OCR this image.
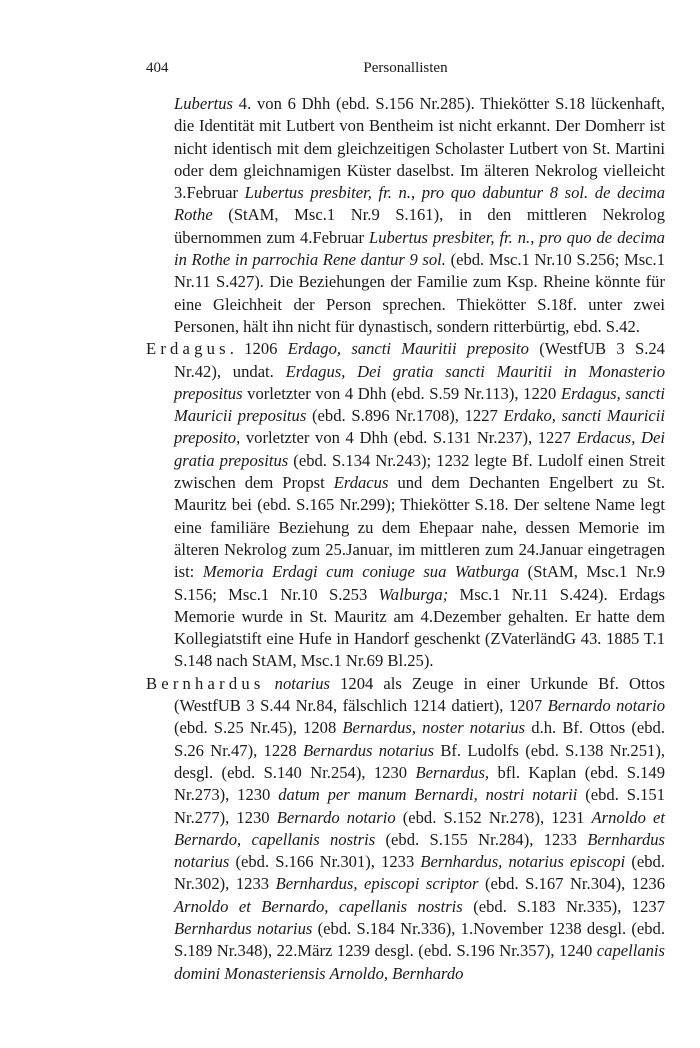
404	Personallisten

Lubertus 4. von 6 Dhh (ebd. S.156 Nr.285). Thiekötter S.18 lückenhaft, die Identität mit Lutbert von Bentheim ist nicht erkannt. Der Domherr ist nicht identisch mit dem gleichzeitigen Scholaster Lutbert von St. Martini oder dem gleichnamigen Küster daselbst. Im älteren Nekrolog vielleicht 3.Februar Lubertus presbiter, fr. n., pro quo dabuntur 8 sol. de decima Rothe (StAM, Msc.1 Nr.9 S.161), in den mittleren Nekrolog übernommen zum 4.Februar Lubertus presbiter, fr. n., pro quo de decima in Rothe in parrochia Rene dantur 9 sol. (ebd. Msc.1 Nr.10 S.256; Msc.1 Nr.11 S.427). Die Beziehungen der Familie zum Ksp. Rheine könnte für eine Gleichheit der Person sprechen. Thiekötter S.18f. unter zwei Personen, hält ihn nicht für dynastisch, sondern ritterbürtig, ebd. S.42.

Erdagus. 1206 Erdago, sancti Mauritii preposito (WestfUB 3 S.24 Nr.42), undat. Erdagus, Dei gratia sancti Mauritii in Monasterio prepositus vorletzter von 4 Dhh (ebd. S.59 Nr.113), 1220 Erdagus, sancti Mauricii prepositus (ebd. S.896 Nr.1708), 1227 Erdako, sancti Mauricii preposito, vorletzter von 4 Dhh (ebd. S.131 Nr.237), 1227 Erdacus, Dei gratia prepositus (ebd. S.134 Nr.243); 1232 legte Bf. Ludolf einen Streit zwischen dem Propst Erdacus und dem Dechanten Engelbert zu St. Mauritz bei (ebd. S.165 Nr.299); Thiekötter S.18. Der seltene Name legt eine familiäre Beziehung zu dem Ehepaar nahe, dessen Memorie im älteren Nekrolog zum 25.Januar, im mittleren zum 24.Januar eingetragen ist: Memoria Erdagi cum coniuge sua Watburga (StAM, Msc.1 Nr.9 S.156; Msc.1 Nr.10 S.253 Walburga; Msc.1 Nr.11 S.424). Erdags Memorie wurde in St. Mauritz am 4.Dezember gehalten. Er hatte dem Kollegiatstift eine Hufe in Handorf geschenkt (ZVaterländG 43. 1885 T.1 S.148 nach StAM, Msc.1 Nr.69 Bl.25).

Bernhardus notarius 1204 als Zeuge in einer Urkunde Bf. Ottos (WestfUB 3 S.44 Nr.84, fälschlich 1214 datiert), 1207 Bernardo notario (ebd. S.25 Nr.45), 1208 Bernardus, noster notarius d.h. Bf. Ottos (ebd. S.26 Nr.47), 1228 Bernardus notarius Bf. Ludolfs (ebd. S.138 Nr.251), desgl. (ebd. S.140 Nr.254), 1230 Bernardus, bfl. Kaplan (ebd. S.149 Nr.273), 1230 datum per manum Bernardi, nostri notarii (ebd. S.151 Nr.277), 1230 Bernardo notario (ebd. S.152 Nr.278), 1231 Arnoldo et Bernardo, capellanis nostris (ebd. S.155 Nr.284), 1233 Bernhardus notarius (ebd. S.166 Nr.301), 1233 Bernhardus, notarius episcopi (ebd. Nr.302), 1233 Bernhardus, episcopi scriptor (ebd. S.167 Nr.304), 1236 Arnoldo et Bernardo, capellanis nostris (ebd. S.183 Nr.335), 1237 Bernhardus notarius (ebd. S.184 Nr.336), 1.November 1238 desgl. (ebd. S.189 Nr.348), 22.März 1239 desgl. (ebd. S.196 Nr.357), 1240 capellanis domini Monasteriensis Arnoldo, Bernhardo
